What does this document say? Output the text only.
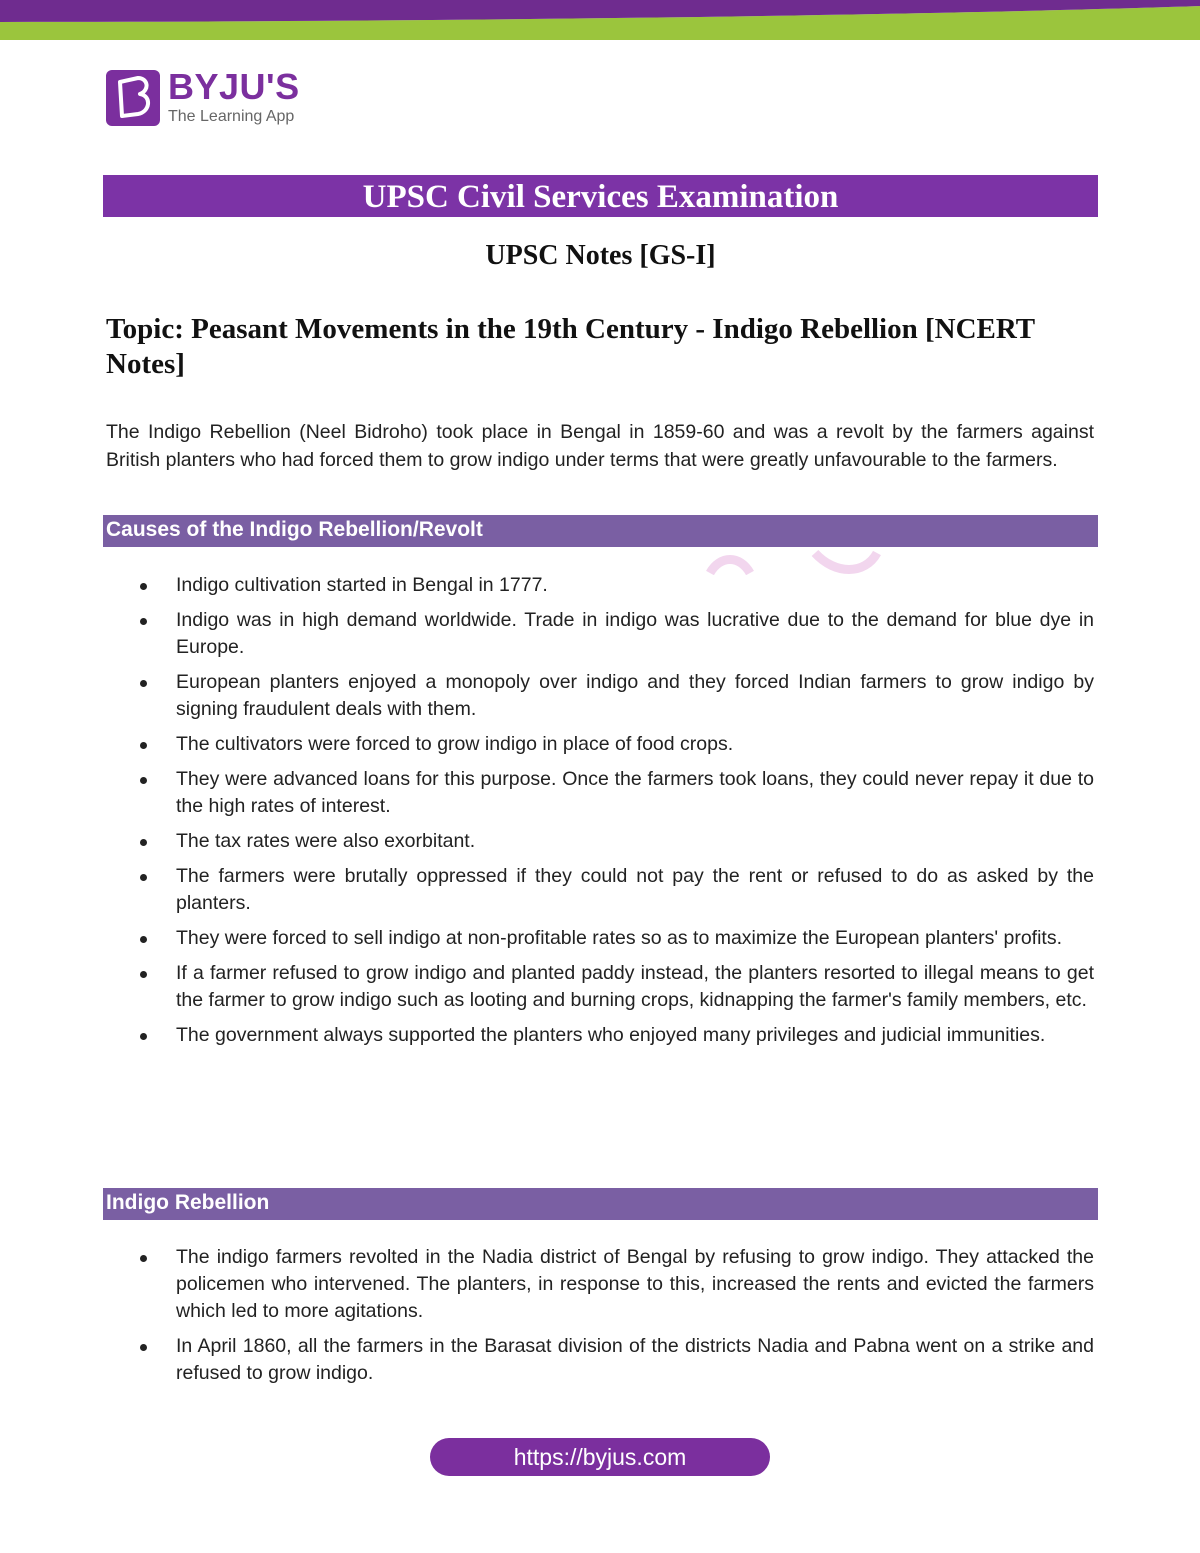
BYJU'S
The Learning App
UPSC Civil Services Examination
UPSC Notes [GS-I]
Topic: Peasant Movements in the 19th Century - Indigo Rebellion [NCERT Notes]
The Indigo Rebellion (Neel Bidroho) took place in Bengal in 1859-60 and was a revolt by the farmers against British planters who had forced them to grow indigo under terms that were greatly unfavourable to the farmers.
Causes of the Indigo Rebellion/Revolt
Indigo cultivation started in Bengal in 1777.
Indigo was in high demand worldwide. Trade in indigo was lucrative due to the demand for blue dye in Europe.
European planters enjoyed a monopoly over indigo and they forced Indian farmers to grow indigo by signing fraudulent deals with them.
The cultivators were forced to grow indigo in place of food crops.
They were advanced loans for this purpose. Once the farmers took loans, they could never repay it due to the high rates of interest.
The tax rates were also exorbitant.
The farmers were brutally oppressed if they could not pay the rent or refused to do as asked by the planters.
They were forced to sell indigo at non-profitable rates so as to maximize the European planters' profits.
If a farmer refused to grow indigo and planted paddy instead, the planters resorted to illegal means to get the farmer to grow indigo such as looting and burning crops, kidnapping the farmer's family members, etc.
The government always supported the planters who enjoyed many privileges and judicial immunities.
Indigo Rebellion
The indigo farmers revolted in the Nadia district of Bengal by refusing to grow indigo. They attacked the policemen who intervened. The planters, in response to this, increased the rents and evicted the farmers which led to more agitations.
In April 1860, all the farmers in the Barasat division of the districts Nadia and Pabna went on a strike and refused to grow indigo.
https://byjus.com
